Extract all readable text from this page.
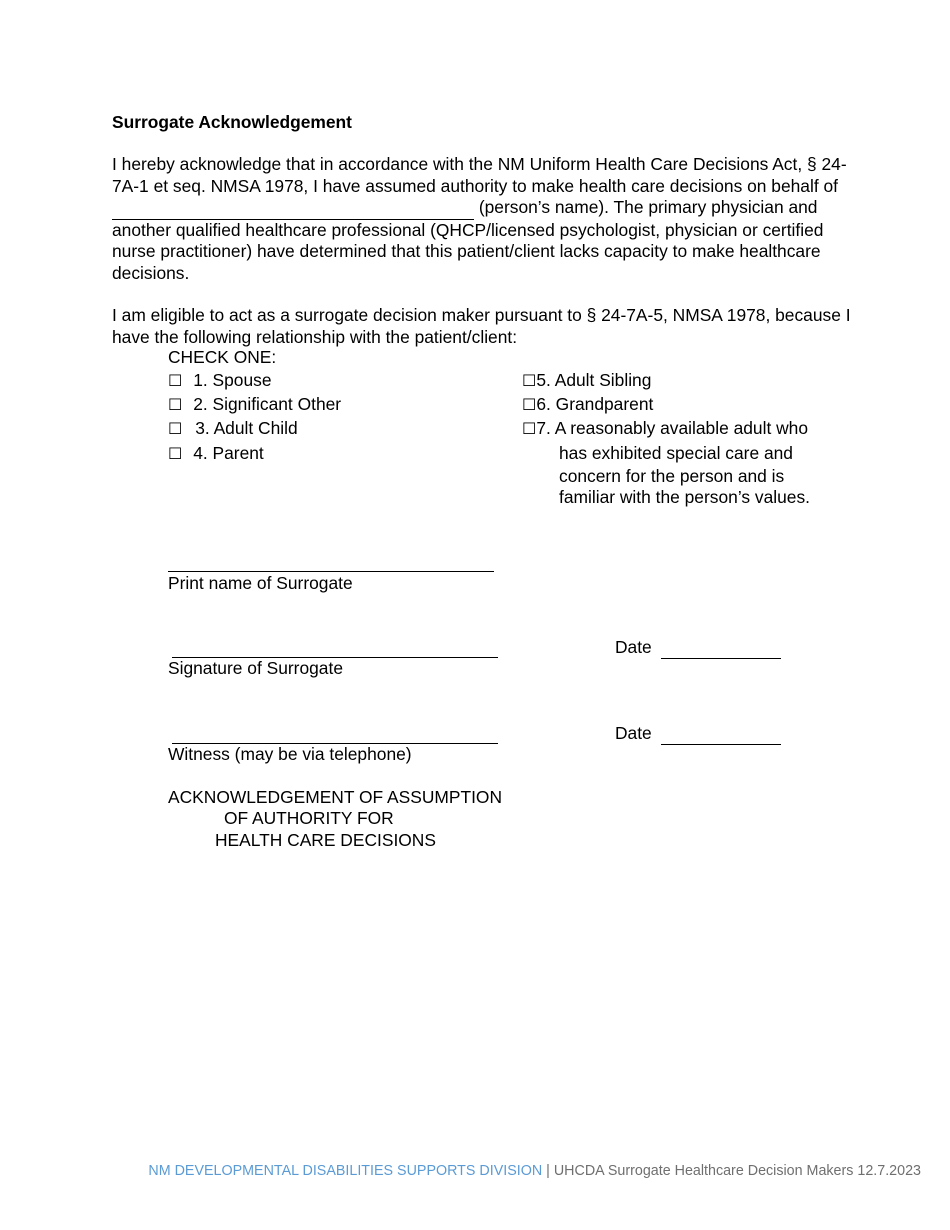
Surrogate Acknowledgement
I hereby acknowledge that in accordance with the NM Uniform Health Care Decisions Act, § 24-7A-1 et seq. NMSA 1978, I have assumed authority to make health care decisions on behalf of   (person’s name). The primary physician and another qualified healthcare professional (QHCP/licensed psychologist, physician or certified nurse practitioner) have determined that this patient/client lacks capacity to make healthcare decisions.
I am eligible to act as a surrogate decision maker pursuant to § 24-7A-5, NMSA 1978, because I have the following relationship with the patient/client:
CHECK ONE:
☐ 1. Spouse
☐ 2. Significant Other
☐ 3. Adult Child
☐ 4. Parent
☐5. Adult Sibling
☐6. Grandparent
☐7. A reasonably available adult who
has exhibited special care and
concern for the person and is
familiar with the person’s values.
Print name of Surrogate
Signature of Surrogate
Date
Witness (may be via telephone)
Date
ACKNOWLEDGEMENT OF ASSUMPTION
OF AUTHORITY FOR
HEALTH CARE DECISIONS
NM DEVELOPMENTAL DISABILITIES SUPPORTS DIVISION | UHCDA Surrogate Healthcare Decision Makers 12.7.2023
